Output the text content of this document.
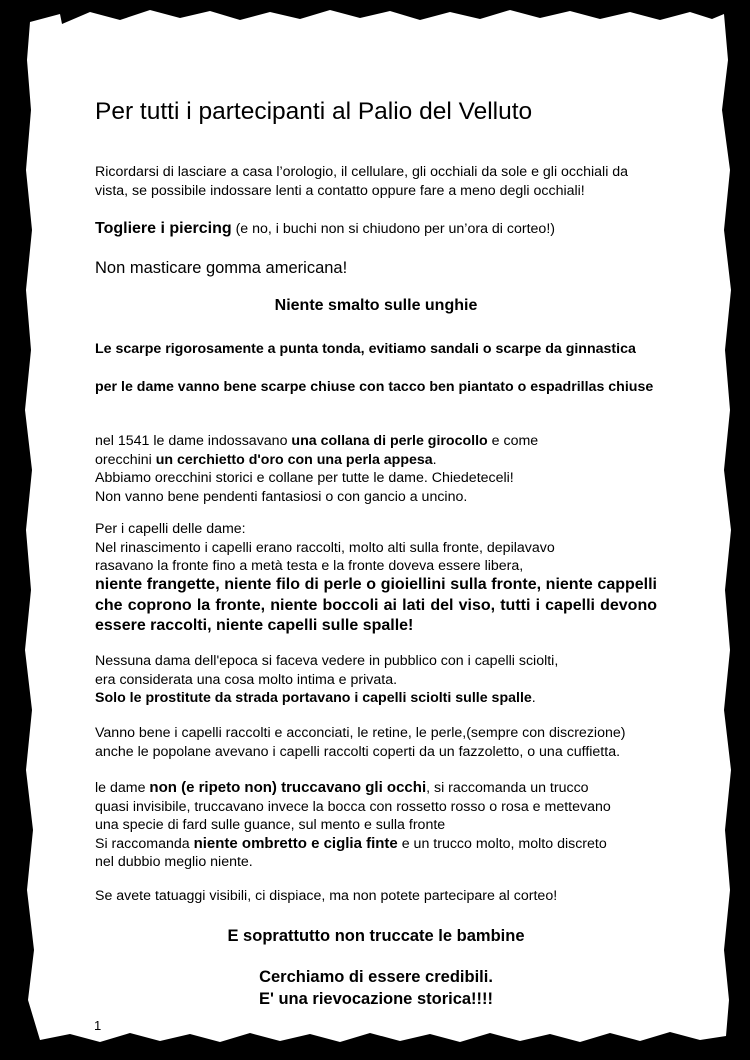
Per tutti i partecipanti al Palio del Velluto

Ricordarsi di lasciare a casa l’orologio, il cellulare, gli occhiali da sole e gli occhiali da vista, se possibile indossare lenti a contatto oppure fare a meno degli occhiali!

Togliere i piercing (e no, i buchi non si chiudono per un’ora di corteo!)

Non masticare gomma americana!

Niente smalto sulle unghie

Le scarpe rigorosamente a punta tonda, evitiamo sandali o scarpe da ginnastica

per le dame vanno bene scarpe chiuse con tacco ben piantato o espadrillas chiuse

nel 1541 le dame indossavano una collana di perle girocollo e come
orecchini un cerchietto d'oro con una perla appesa.
Abbiamo orecchini storici e collane per tutte le dame. Chiedeteceli!
Non vanno bene pendenti fantasiosi o con gancio a uncino.

Per i capelli delle dame:
Nel rinascimento i capelli erano raccolti, molto alti sulla fronte, depilavavo
rasavano la fronte fino a metà testa e la fronte doveva essere libera,

niente frangette, niente filo di perle o gioiellini sulla fronte, niente cappelli che coprono la fronte, niente boccoli ai lati del viso, tutti i capelli devono essere raccolti, niente capelli sulle spalle!

Nessuna dama dell'epoca si faceva vedere in pubblico con i capelli sciolti,
era considerata una cosa molto intima e privata.
Solo le prostitute da strada portavano i capelli sciolti sulle spalle.

Vanno bene i capelli raccolti e acconciati, le retine, le perle,(sempre con discrezione)
anche le popolane avevano i capelli raccolti coperti da un fazzoletto, o una cuffietta.

le dame non (e ripeto non) truccavano gli occhi, si raccomanda un trucco
quasi invisibile, truccavano invece la bocca con rossetto rosso o rosa e mettevano
una specie di fard sulle guance, sul mento e sulla fronte
Si raccomanda niente ombretto e ciglia finte e un trucco molto, molto discreto
nel dubbio meglio niente.

Se avete tatuaggi visibili, ci dispiace, ma non potete partecipare al corteo!

E soprattutto non truccate le bambine

Cerchiamo di essere credibili.
E' una rievocazione storica!!!!

1
